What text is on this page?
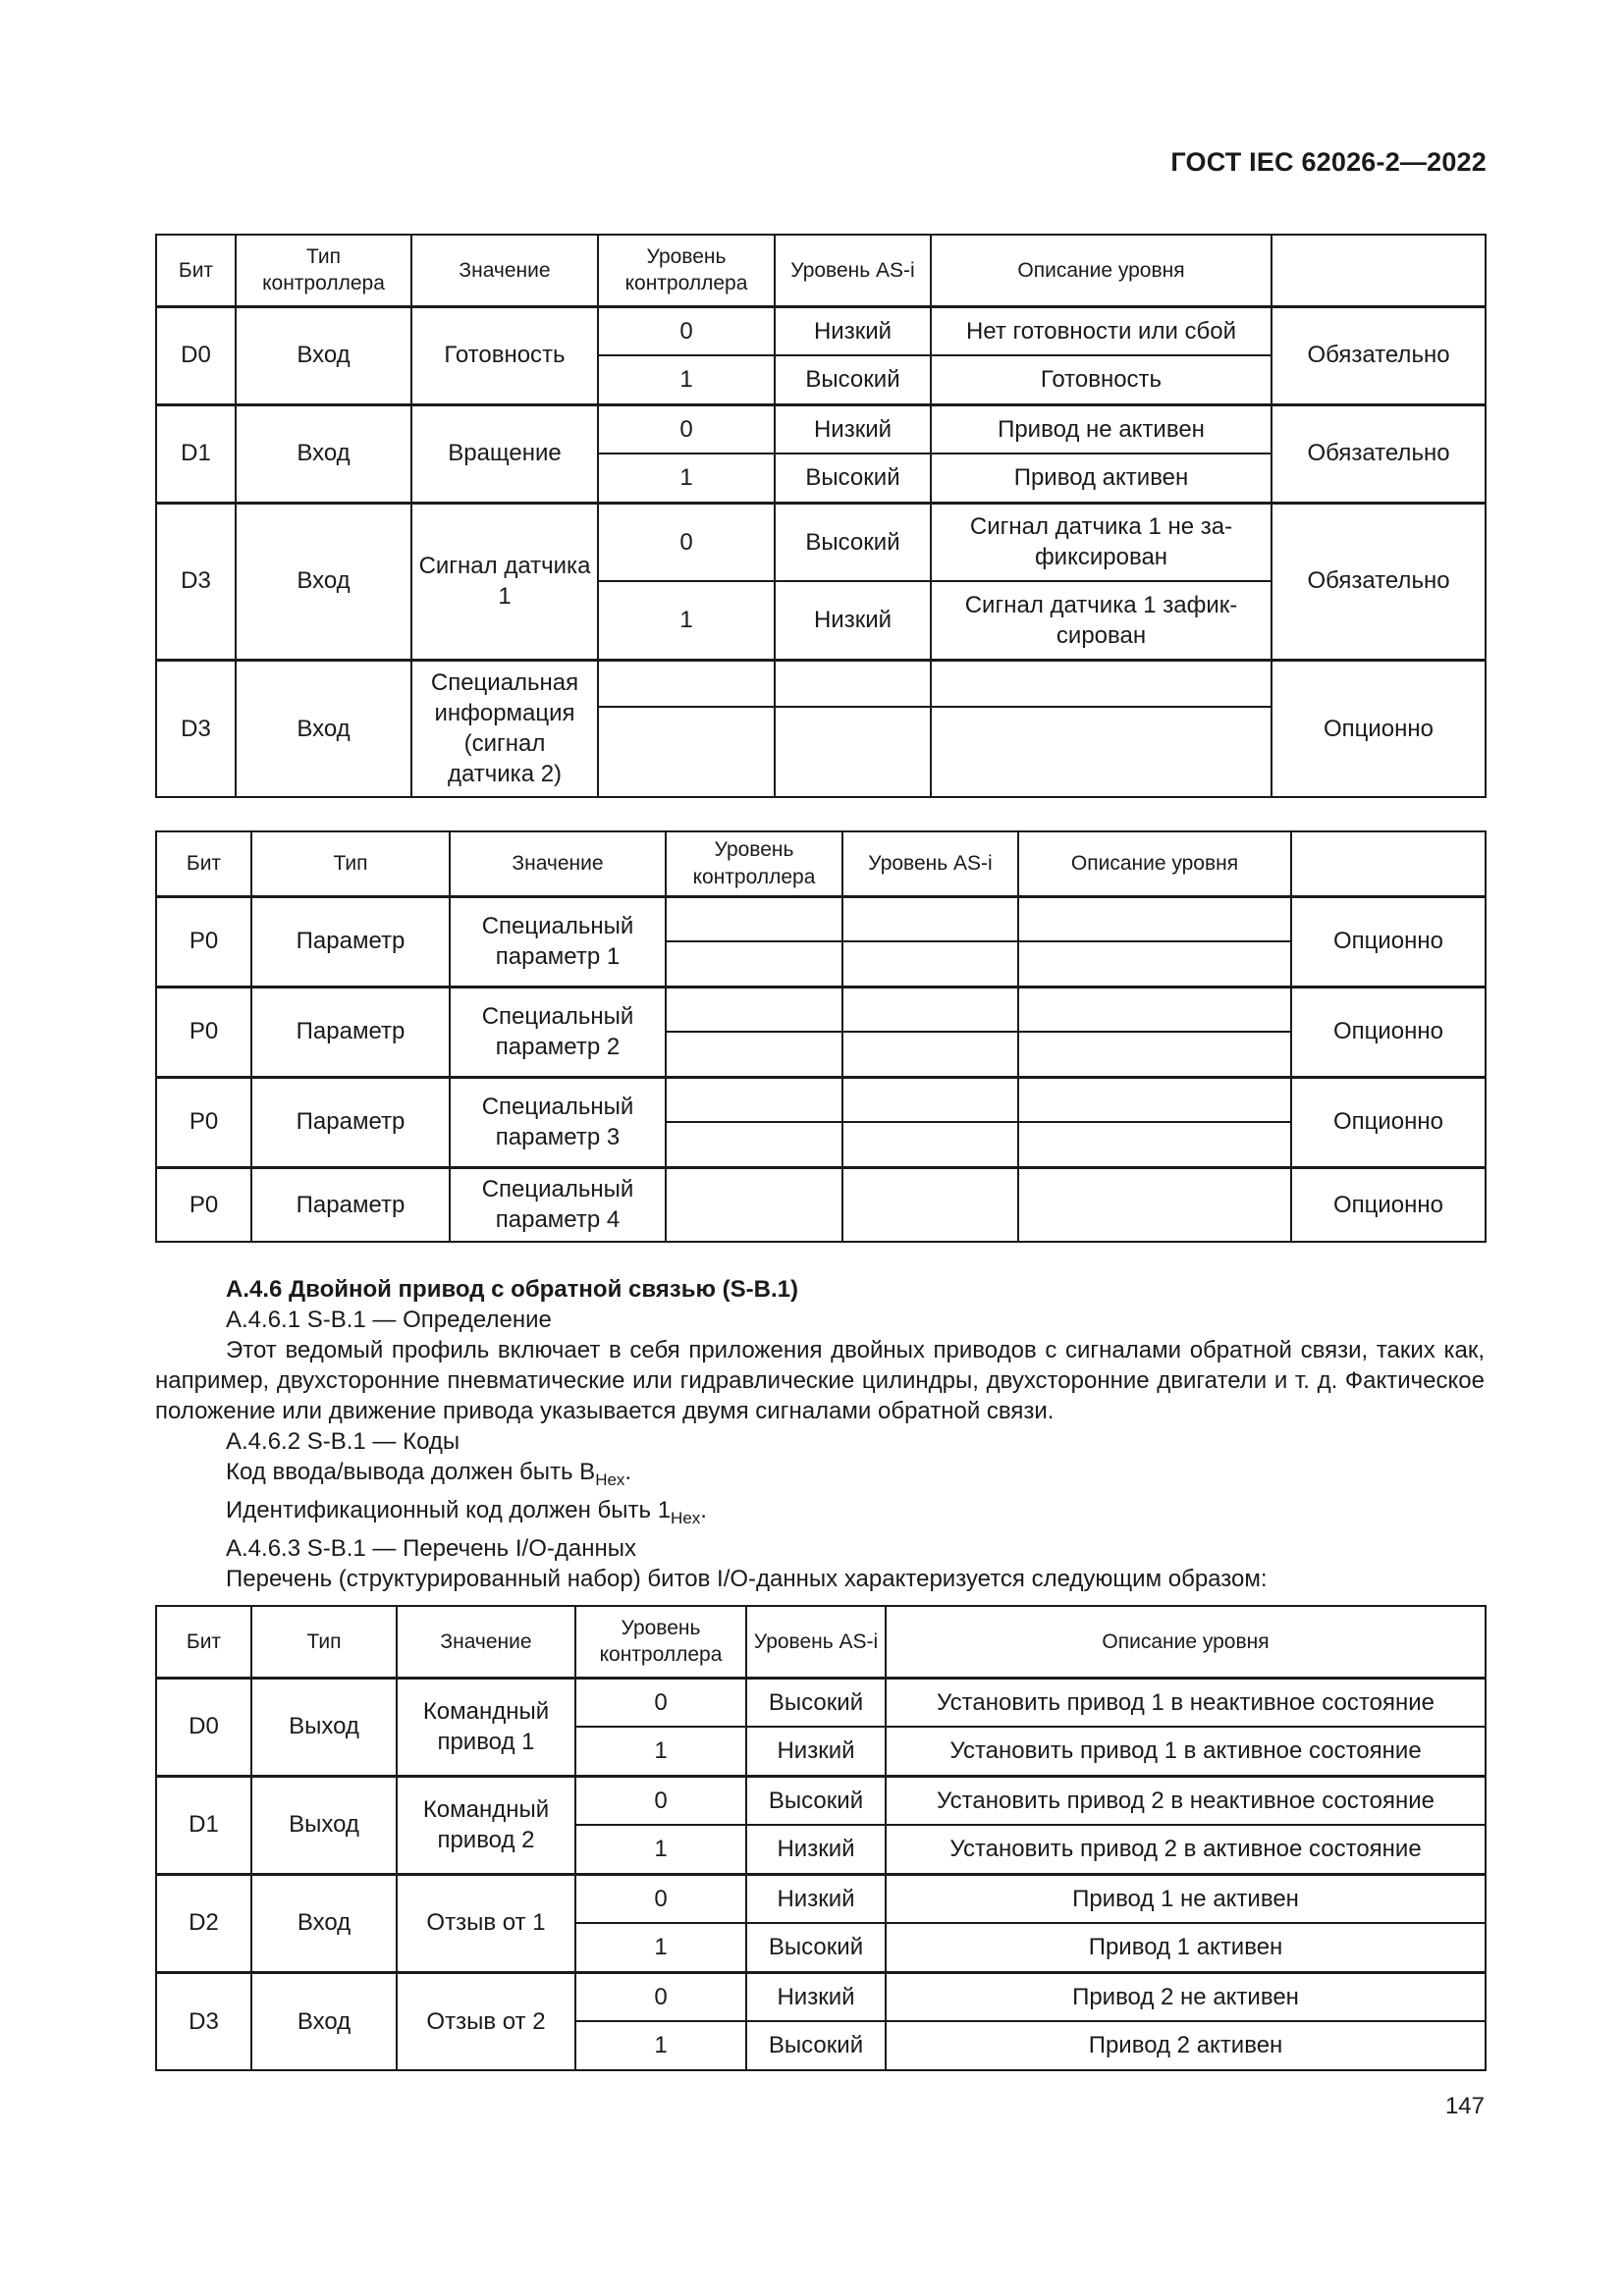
ГОСТ IEC 62026-2—2022
Бит	Тип контроллера	Значение	Уровень контроллера	Уровень AS-i	Описание уровня	
D0	Вход	Готовность	0	Низкий	Нет готовности или сбой	Обязательно
			1	Высокий	Готовность	
D1	Вход	Вращение	0	Низкий	Привод не активен	Обязательно
			1	Высокий	Привод активен	
D3	Вход	Сигнал датчика 1	0	Высокий	Сигнал датчика 1 не за-фиксирован	Обязательно
			1	Низкий	Сигнал датчика 1 зафик-сирован	
D3	Вход	Специальная информация (сигнал датчика 2)				Опционно

Бит	Тип	Значение	Уровень контроллера	Уровень AS-i	Описание уровня	
P0	Параметр	Специальный параметр 1				Опционно

P0	Параметр	Специальный параметр 2				Опционно

P0	Параметр	Специальный параметр 3				Опционно

P0	Параметр	Специальный параметр 4				Опционно

А.4.6 Двойной привод с обратной связью (S-B.1)

А.4.6.1 S-B.1 — Определение

Этот ведомый профиль включает в себя приложения двойных приводов с сигналами обратной связи, таких как, например, двухсторонние пневматические или гидравлические цилиндры, двухсторонние двигатели и т. д. Фактическое положение или движение привода указывается двумя сигналами обратной связи.

А.4.6.2 S-B.1 — Коды

Код ввода/вывода должен быть $B_{Hex}$.

Идентификационный код должен быть $1_{Hex}$.

А.4.6.3 S-B.1 — Перечень I/O-данных

Перечень (структурированный набор) битов I/O-данных характеризуется следующим образом:

Бит	Тип	Значение	Уровень контроллера	Уровень AS-i	Описание уровня
D0	Выход	Командный привод 1	0	Высокий	Установить привод 1 в неактивное состояние
			1	Низкий	Установить привод 1 в активное состояние
D1	Выход	Командный привод 2	0	Высокий	Установить привод 2 в неактивное состояние
			1	Низкий	Установить привод 2 в активное состояние
D2	Вход	Отзыв от 1	0	Низкий	Привод 1 не активен
			1	Высокий	Привод 1 активен
D3	Вход	Отзыв от 2	0	Низкий	Привод 2 не активен
			1	Высокий	Привод 2 активен
147
